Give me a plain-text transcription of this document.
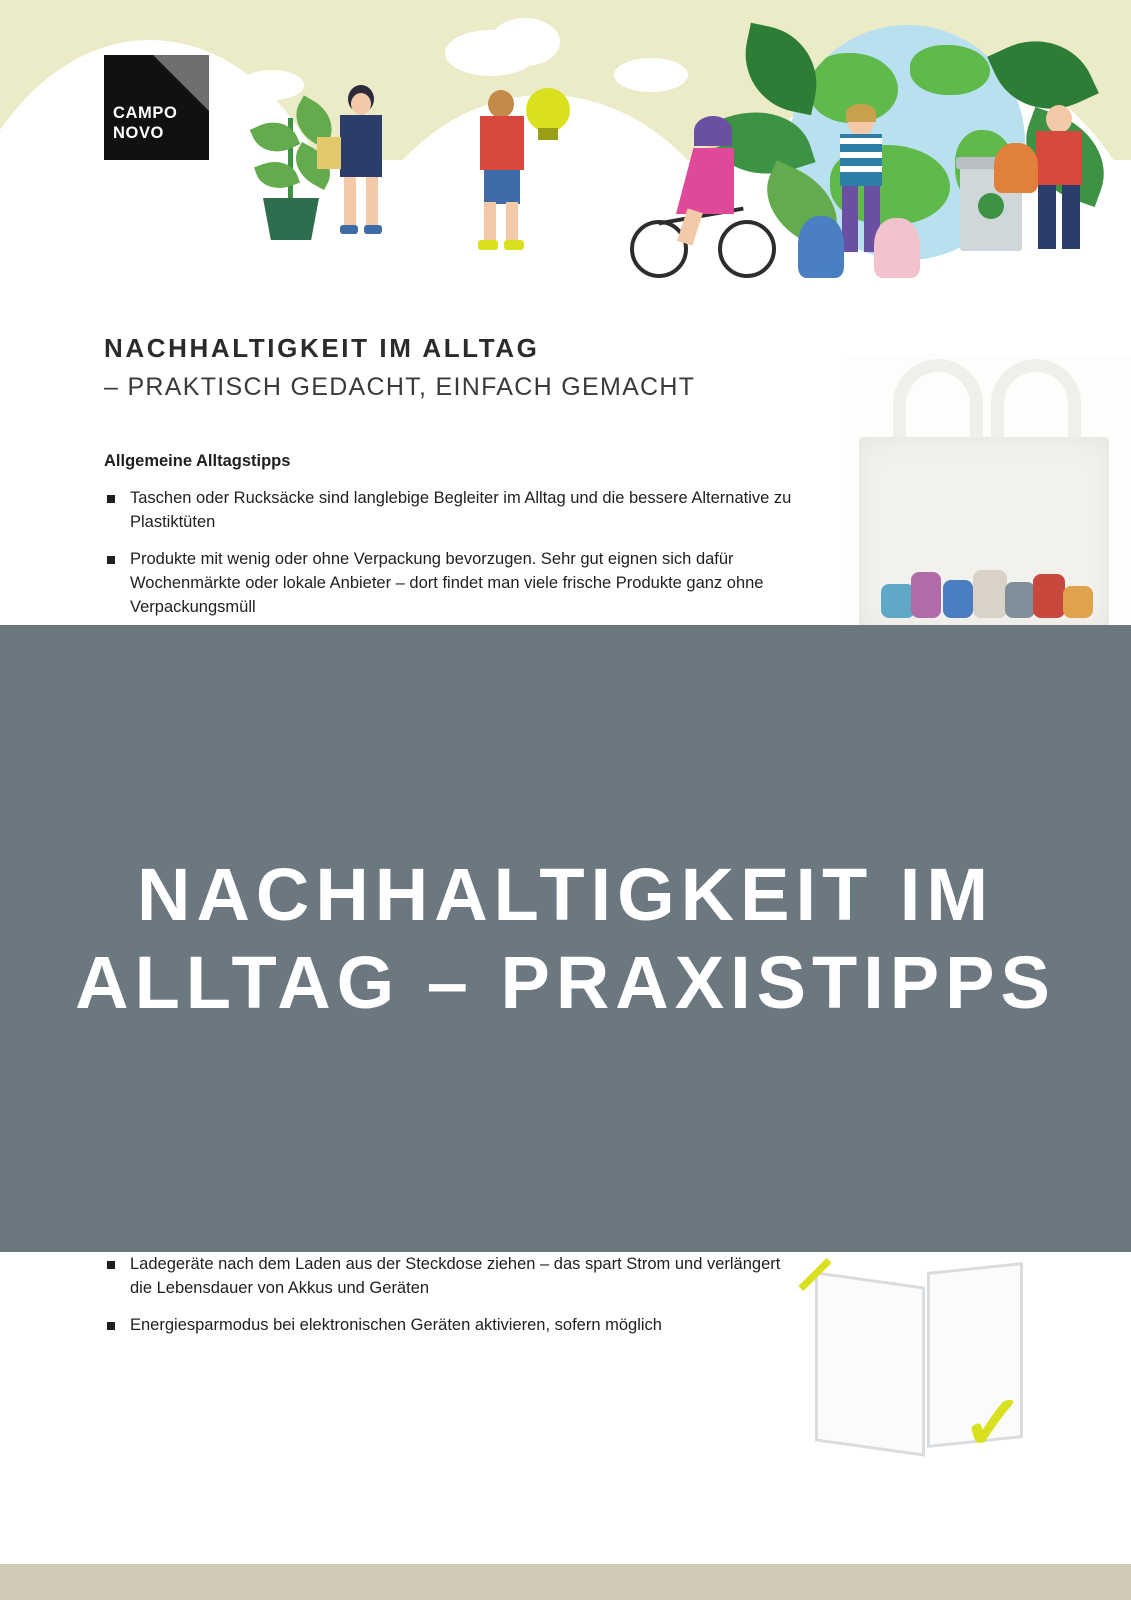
CAMPO
NOVO
NACHHALTIGKEIT IM ALLTAG
– PRAKTISCH GEDACHT, EINFACH GEMACHT
Allgemeine Alltagstipps
Taschen oder Rucksäcke sind langlebige Begleiter im Alltag und die bessere Alternative zu Plastiktüten
Produkte mit wenig oder ohne Verpackung bevorzugen. Sehr gut eignen sich dafür Wochenmärkte oder lokale Anbieter – dort findet man viele frische Produkte ganz ohne Verpackungsmüll
Ladegeräte nach dem Laden aus der Steckdose ziehen – das spart Strom und verlängert die Lebensdauer von Akkus und Geräten
Energiesparmodus bei elektronischen Geräten aktivieren, sofern möglich
✓
NACHHALTIGKEIT IM ALLTAG – PRAXISTIPPS
